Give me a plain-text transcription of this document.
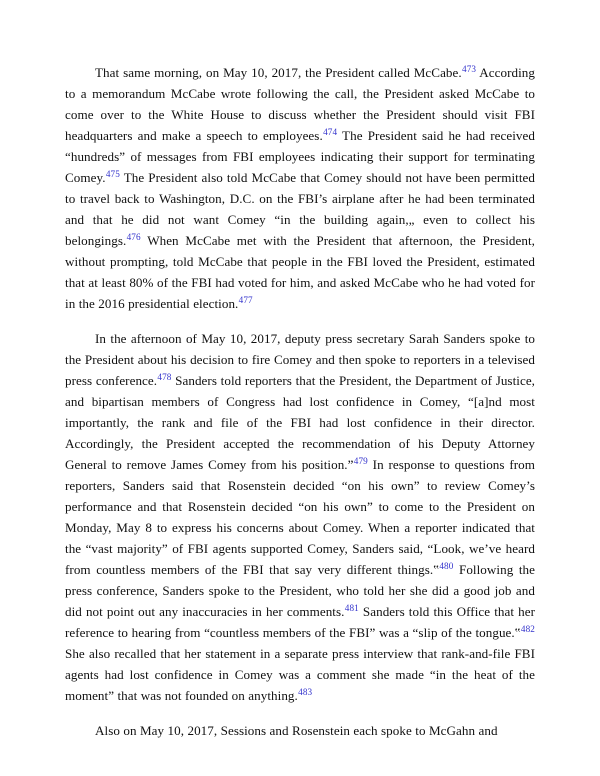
That same morning, on May 10, 2017, the President called McCabe.$^{473}$ According to a memorandum McCabe wrote following the call, the President asked McCabe to come over to the White House to discuss whether the President should visit FBI headquarters and make a speech to employees.$^{474}$ The President said he had received “hundreds” of messages from FBI employees indicating their support for terminating Comey.$^{475}$ The President also told McCabe that Comey should not have been permitted to travel back to Washington, D.C. on the FBI’s airplane after he had been terminated and that he did not want Comey “in the building again,„ even to collect his belongings.$^{476}$ When McCabe met with the President that afternoon, the President, without prompting, told McCabe that people in the FBI loved the President, estimated that at least 80% of the FBI had voted for him, and asked McCabe who he had voted for in the 2016 presidential election.$^{477}$

In the afternoon of May 10, 2017, deputy press secretary Sarah Sanders spoke to the President about his decision to fire Comey and then spoke to reporters in a televised press conference.$^{478}$ Sanders told reporters that the President, the Department of Justice, and bipartisan members of Congress had lost confidence in Comey, “[a]nd most importantly, the rank and file of the FBI had lost confidence in their director. Accordingly, the President accepted the recommendation of his Deputy Attorney General to remove James Comey from his position.”$^{479}$ In response to questions from reporters, Sanders said that Rosenstein decided “on his own” to review Comey’s performance and that Rosenstein decided “on his own” to come to the President on Monday, May 8 to express his concerns about Comey. When a reporter indicated that the “vast majority” of FBI agents supported Comey, Sanders said, “Look, we’ve heard from countless members of the FBI that say very different things.‟$^{480}$ Following the press conference, Sanders spoke to the President, who told her she did a good job and did not point out any inaccuracies in her comments.$^{481}$ Sanders told this Office that her reference to hearing from “countless members of the FBI” was a “slip of the tongue.‟$^{482}$ She also recalled that her statement in a separate press interview that rank-and-file FBI agents had lost confidence in Comey was a comment she made “in the heat of the moment” that was not founded on anything.$^{483}$

Also on May 10, 2017, Sessions and Rosenstein each spoke to McGahn and
